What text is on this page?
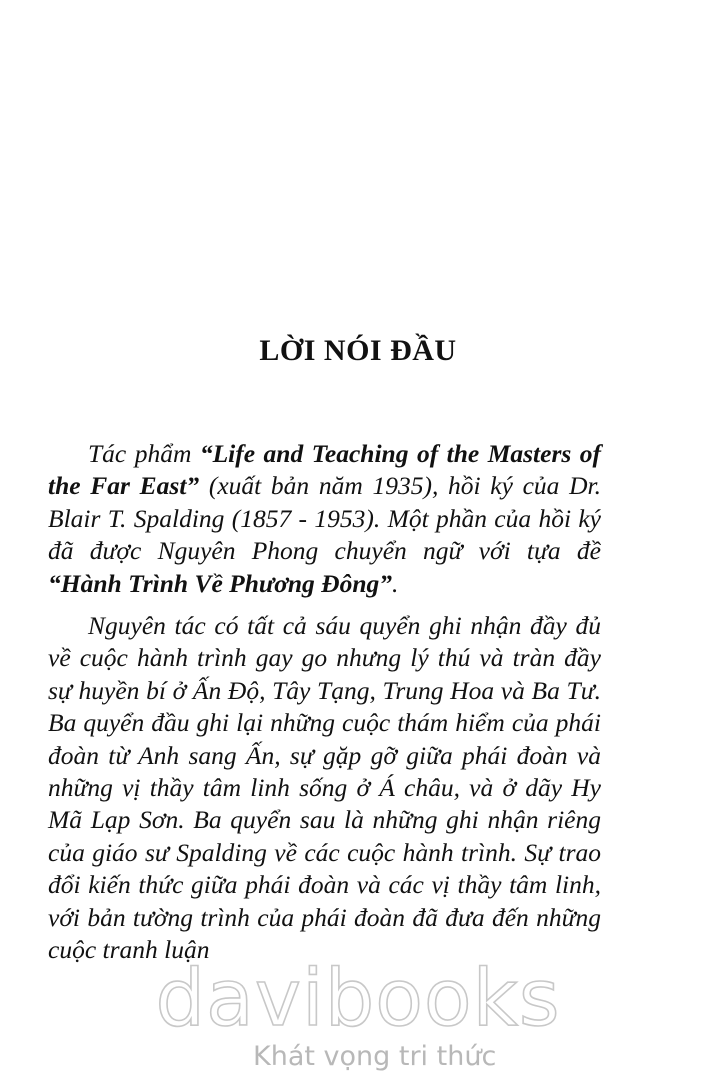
LỜI NÓI ĐẦU

Tác phẩm “Life and Teaching of the Masters of the Far East” (xuất bản năm 1935), hồi ký của Dr. Blair T. Spalding (1857 - 1953). Một phần của hồi ký đã được Nguyên Phong chuyển ngữ với tựa đề “Hành Trình Về Phương Đông”.

Nguyên tác có tất cả sáu quyển ghi nhận đầy đủ về cuộc hành trình gay go nhưng lý thú và tràn đầy sự huyền bí ở Ấn Độ, Tây Tạng, Trung Hoa và Ba Tư. Ba quyển đầu ghi lại những cuộc thám hiểm của phái đoàn từ Anh sang Ấn, sự gặp gỡ giữa phái đoàn và những vị thầy tâm linh sống ở Á châu, và ở dãy Hy Mã Lạp Sơn. Ba quyển sau là những ghi nhận riêng của giáo sư Spalding về các cuộc hành trình. Sự trao đổi kiến thức giữa phái đoàn và các vị thầy tâm linh, với bản tường trình của phái đoàn đã đưa đến những cuộc tranh luận

davibooks
Khát vọng tri thức
